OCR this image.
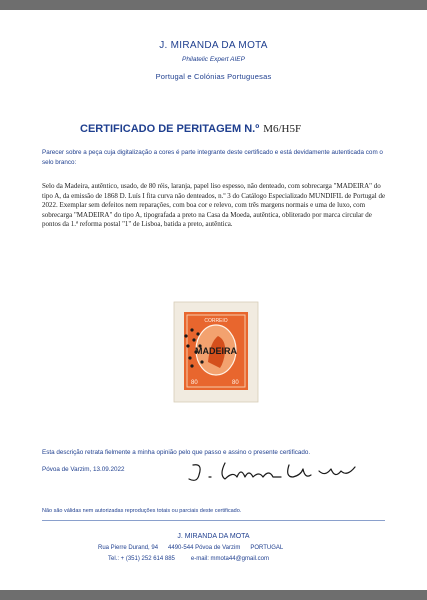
J. MIRANDA DA MOTA
Philatelic Expert AIEP
Portugal e Colónias Portuguesas
CERTIFICADO DE PERITAGEM N.º M6/H5F
Parecer sobre a peça cuja digitalização a cores é parte integrante deste certificado e está devidamente autenticada com o selo branco:

Selo da Madeira, autêntico, usado, de 80 réis, laranja, papel liso espesso, não denteado, com sobrecarga "MADEIRA" do tipo A, da emissão de 1868 D. Luís I fita curva não denteados, n.º 3 do Catálogo Especializado MUNDIFIL de Portugal de 2022. Exemplar sem defeitos nem reparações, com boa cor e relevo, com três margens normais e uma de luxo, com sobrecarga "MADEIRA" do tipo A, tipografada a preto na Casa da Moeda, autêntica, obliterado por marca circular de pontos da 1.ª reforma postal "1" de Lisboa, batida a preto, autêntica.

CORREIO
80	80
MADEIRA
Esta descrição retrata fielmente a minha opinião pelo que passo e assino o presente certificado.
Póvoa de Varzim, 13.09.2022
Não são válidas nem autorizadas reproduções totais ou parciais deste certificado.
J. MIRANDA DA MOTA
Rua Pierre Durand, 94 4490-544 Póvoa de Varzim PORTUGAL
Tel.: + (351) 252 614 885	e-mail: mmota44@gmail.com
